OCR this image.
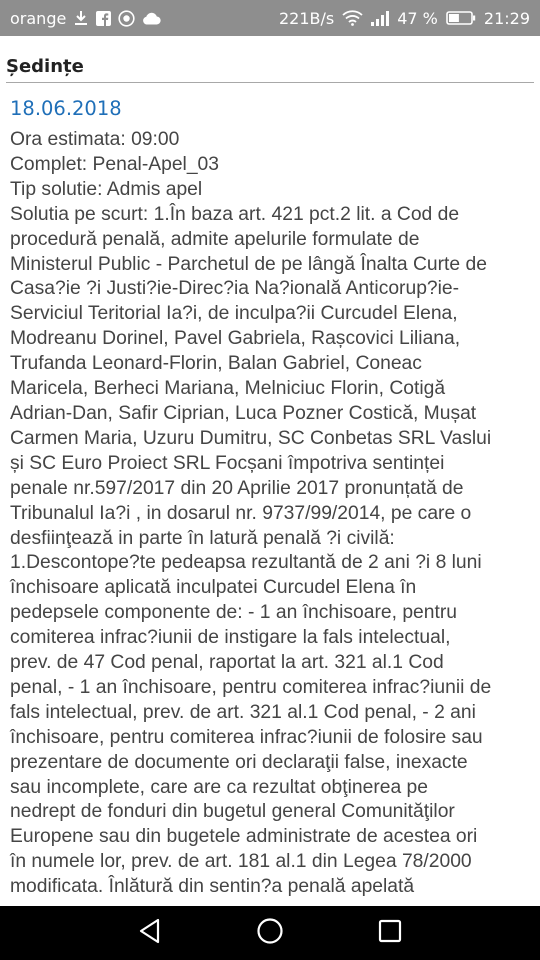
orange	221B/s	47 %	21:29
Ședințe
18.06.2018
Ora estimata: 09:00
Complet: Penal-Apel_03
Tip solutie: Admis apel
Solutia pe scurt: 1.În baza art. 421 pct.2 lit. a Cod de
procedură penală, admite apelurile formulate de
Ministerul Public - Parchetul de pe lângă Înalta Curte de
Casa?ie ?i Justi?ie-Direc?ia Na?ională Anticorup?ie-
Serviciul Teritorial Ia?i, de inculpa?ii Curcudel Elena,
Modreanu Dorinel, Pavel Gabriela, Rașcovici Liliana,
Trufanda Leonard-Florin, Balan Gabriel, Coneac
Maricela, Berheci Mariana, Melniciuc Florin, Cotigă
Adrian-Dan, Safir Ciprian, Luca Pozner Costică, Mușat
Carmen Maria, Uzuru Dumitru, SC Conbetas SRL Vaslui
și SC Euro Proiect SRL Focșani împotriva sentinței
penale nr.597/2017 din 20 Aprilie 2017 pronunțată de
Tribunalul Ia?i , in dosarul nr. 9737/99/2014, pe care o
desfiinţează in parte în latură penală ?i civilă:
1.Descontope?te pedeapsa rezultantă de 2 ani ?i 8 luni
închisoare aplicată inculpatei Curcudel Elena în
pedepsele componente de: - 1 an închisoare, pentru
comiterea infrac?iunii de instigare la fals intelectual,
prev. de 47 Cod penal, raportat la art. 321 al.1 Cod
penal, - 1 an închisoare, pentru comiterea infrac?iunii de
fals intelectual, prev. de art. 321 al.1 Cod penal, - 2 ani
închisoare, pentru comiterea infrac?iunii de folosire sau
prezentare de documente ori declaraţii false, inexacte
sau incomplete, care are ca rezultat obţinerea pe
nedrept de fonduri din bugetul general Comunităţilor
Europene sau din bugetele administrate de acestea ori
în numele lor, prev. de art. 181 al.1 din Legea 78/2000
modificata. Înlătură din sentin?a penală apelată
